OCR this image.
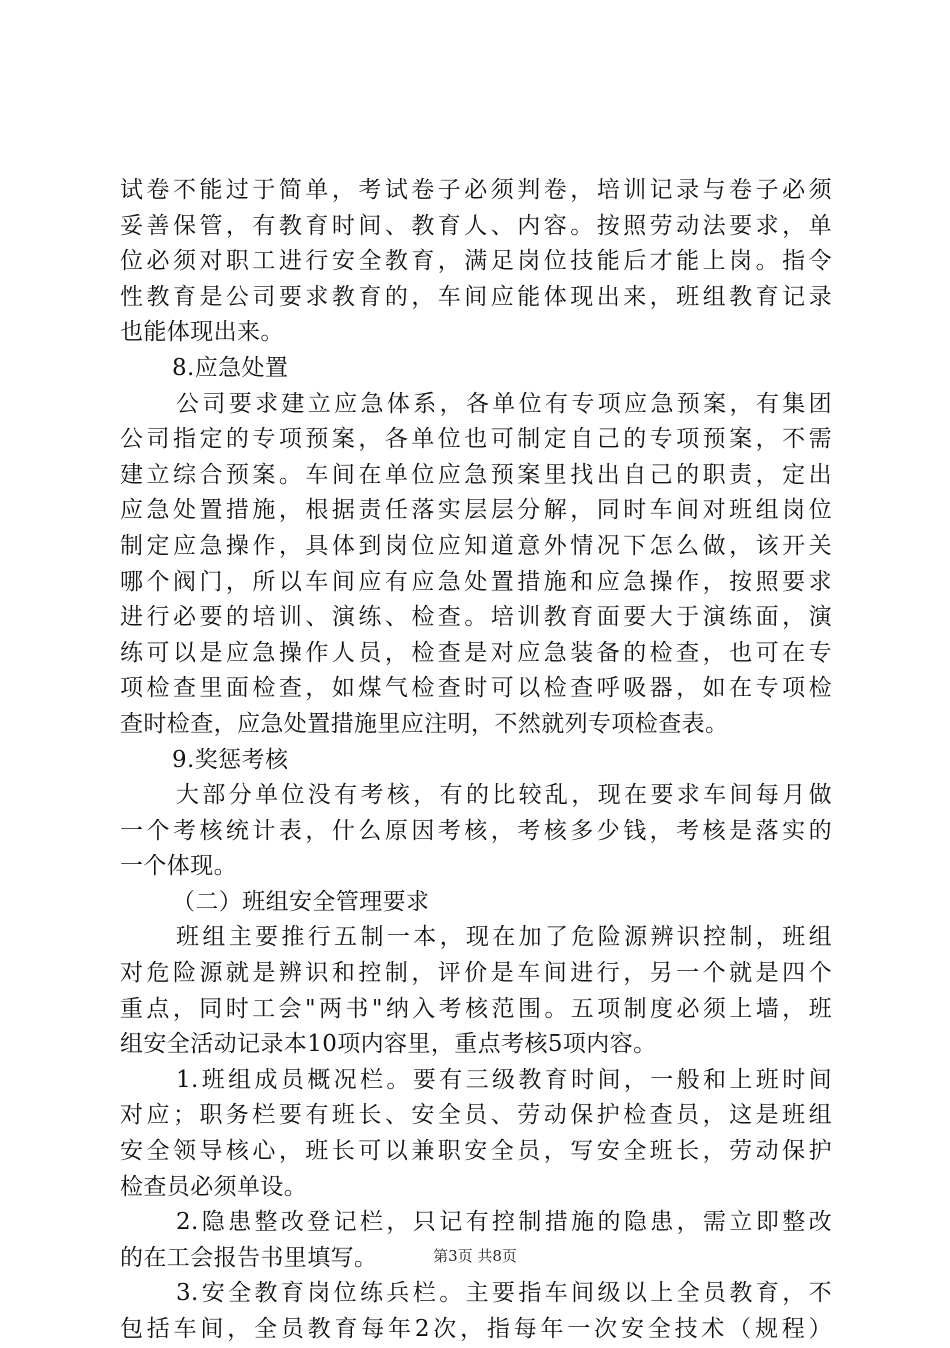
试卷不能过于简单，考试卷子必须判卷，培训记录与卷子必须
妥善保管，有教育时间、教育人、内容。按照劳动法要求，单
位必须对职工进行安全教育，满足岗位技能后才能上岗。指令
性教育是公司要求教育的，车间应能体现出来，班组教育记录
也能体现出来。
8.应急处置
公司要求建立应急体系，各单位有专项应急预案，有集团
公司指定的专项预案，各单位也可制定自己的专项预案，不需
建立综合预案。车间在单位应急预案里找出自己的职责，定出
应急处置措施，根据责任落实层层分解，同时车间对班组岗位
制定应急操作，具体到岗位应知道意外情况下怎么做，该开关
哪个阀门，所以车间应有应急处置措施和应急操作，按照要求
进行必要的培训、演练、检查。培训教育面要大于演练面，演
练可以是应急操作人员，检查是对应急装备的检查，也可在专
项检查里面检查，如煤气检查时可以检查呼吸器，如在专项检
查时检查，应急处置措施里应注明，不然就列专项检查表。
9.奖惩考核
大部分单位没有考核，有的比较乱，现在要求车间每月做
一个考核统计表，什么原因考核，考核多少钱，考核是落实的
一个体现。
（二）班组安全管理要求
班组主要推行五制一本，现在加了危险源辨识控制，班组
对危险源就是辨识和控制，评价是车间进行，另一个就是四个
重点，同时工会"两书"纳入考核范围。五项制度必须上墙，班
组安全活动记录本10项内容里，重点考核5项内容。
1.班组成员概况栏。要有三级教育时间，一般和上班时间
对应；职务栏要有班长、安全员、劳动保护检查员，这是班组
安全领导核心，班长可以兼职安全员，写安全班长，劳动保护
检查员必须单设。
2.隐患整改登记栏，只记有控制措施的隐患，需立即整改
的在工会报告书里填写。
3.安全教育岗位练兵栏。主要指车间级以上全员教育，不
包括车间，全员教育每年2次，指每年一次安全技术（规程）
第3页 共8页
